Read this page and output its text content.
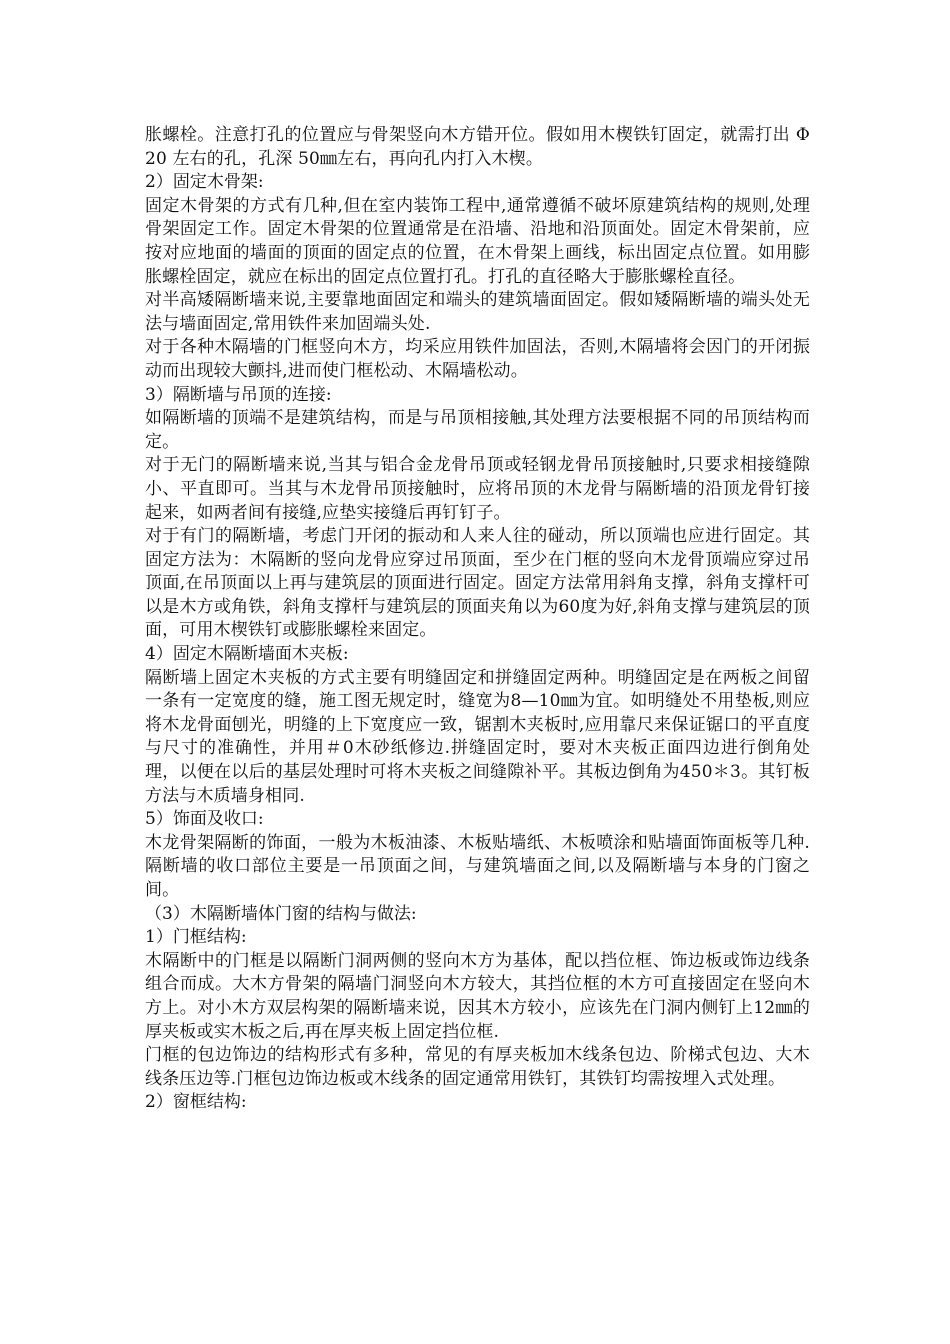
胀螺栓。注意打孔的位置应与骨架竖向木方错开位。假如用木楔铁钉固定，就需打出 Φ20 左右的孔，孔深 50㎜左右，再向孔内打入木楔。

2）固定木骨架:

固定木骨架的方式有几种,但在室内装饰工程中,通常遵循不破坏原建筑结构的规则,处理骨架固定工作。固定木骨架的位置通常是在沿墙、沿地和沿顶面处。固定木骨架前，应按对应地面的墙面的顶面的固定点的位置，在木骨架上画线，标出固定点位置。如用膨胀螺栓固定，就应在标出的固定点位置打孔。打孔的直径略大于膨胀螺栓直径。

对半高矮隔断墙来说,主要靠地面固定和端头的建筑墙面固定。假如矮隔断墙的端头处无法与墙面固定,常用铁件来加固端头处.

对于各种木隔墙的门框竖向木方，均采应用铁件加固法，否则,木隔墙将会因门的开闭振动而出现较大颤抖,进而使门框松动、木隔墙松动。

3）隔断墙与吊顶的连接:

如隔断墙的顶端不是建筑结构，而是与吊顶相接触,其处理方法要根据不同的吊顶结构而定。

对于无门的隔断墙来说,当其与铝合金龙骨吊顶或轻钢龙骨吊顶接触时,只要求相接缝隙小、平直即可。当其与木龙骨吊顶接触时，应将吊顶的木龙骨与隔断墙的沿顶龙骨钉接起来，如两者间有接缝,应垫实接缝后再钉钉子。

对于有门的隔断墙，考虑门开闭的振动和人来人往的碰动，所以顶端也应进行固定。其固定方法为：木隔断的竖向龙骨应穿过吊顶面，至少在门框的竖向木龙骨顶端应穿过吊顶面,在吊顶面以上再与建筑层的顶面进行固定。固定方法常用斜角支撑，斜角支撑杆可以是木方或角铁，斜角支撑杆与建筑层的顶面夹角以为60度为好,斜角支撑与建筑层的顶面，可用木楔铁钉或膨胀螺栓来固定。

4）固定木隔断墙面木夹板:

隔断墙上固定木夹板的方式主要有明缝固定和拼缝固定两种。明缝固定是在两板之间留一条有一定宽度的缝，施工图无规定时，缝宽为8—10㎜为宜。如明缝处不用垫板,则应将木龙骨面刨光，明缝的上下宽度应一致，锯割木夹板时,应用靠尺来保证锯口的平直度与尺寸的准确性，并用＃0木砂纸修边.拼缝固定时，要对木夹板正面四边进行倒角处理，以便在以后的基层处理时可将木夹板之间缝隙补平。其板边倒角为450＊3。其钉板方法与木质墙身相同.

5）饰面及收口:

木龙骨架隔断的饰面，一般为木板油漆、木板贴墙纸、木板喷涂和贴墙面饰面板等几种.隔断墙的收口部位主要是一吊顶面之间，与建筑墙面之间,以及隔断墙与本身的门窗之间。

（3）木隔断墙体门窗的结构与做法:

1）门框结构:

木隔断中的门框是以隔断门洞两侧的竖向木方为基体，配以挡位框、饰边板或饰边线条组合而成。大木方骨架的隔墙门洞竖向木方较大，其挡位框的木方可直接固定在竖向木方上。对小木方双层构架的隔断墙来说，因其木方较小，应该先在门洞内侧钉上12㎜的厚夹板或实木板之后,再在厚夹板上固定挡位框.

门框的包边饰边的结构形式有多种，常见的有厚夹板加木线条包边、阶梯式包边、大木线条压边等.门框包边饰边板或木线条的固定通常用铁钉，其铁钉均需按埋入式处理。

2）窗框结构:
